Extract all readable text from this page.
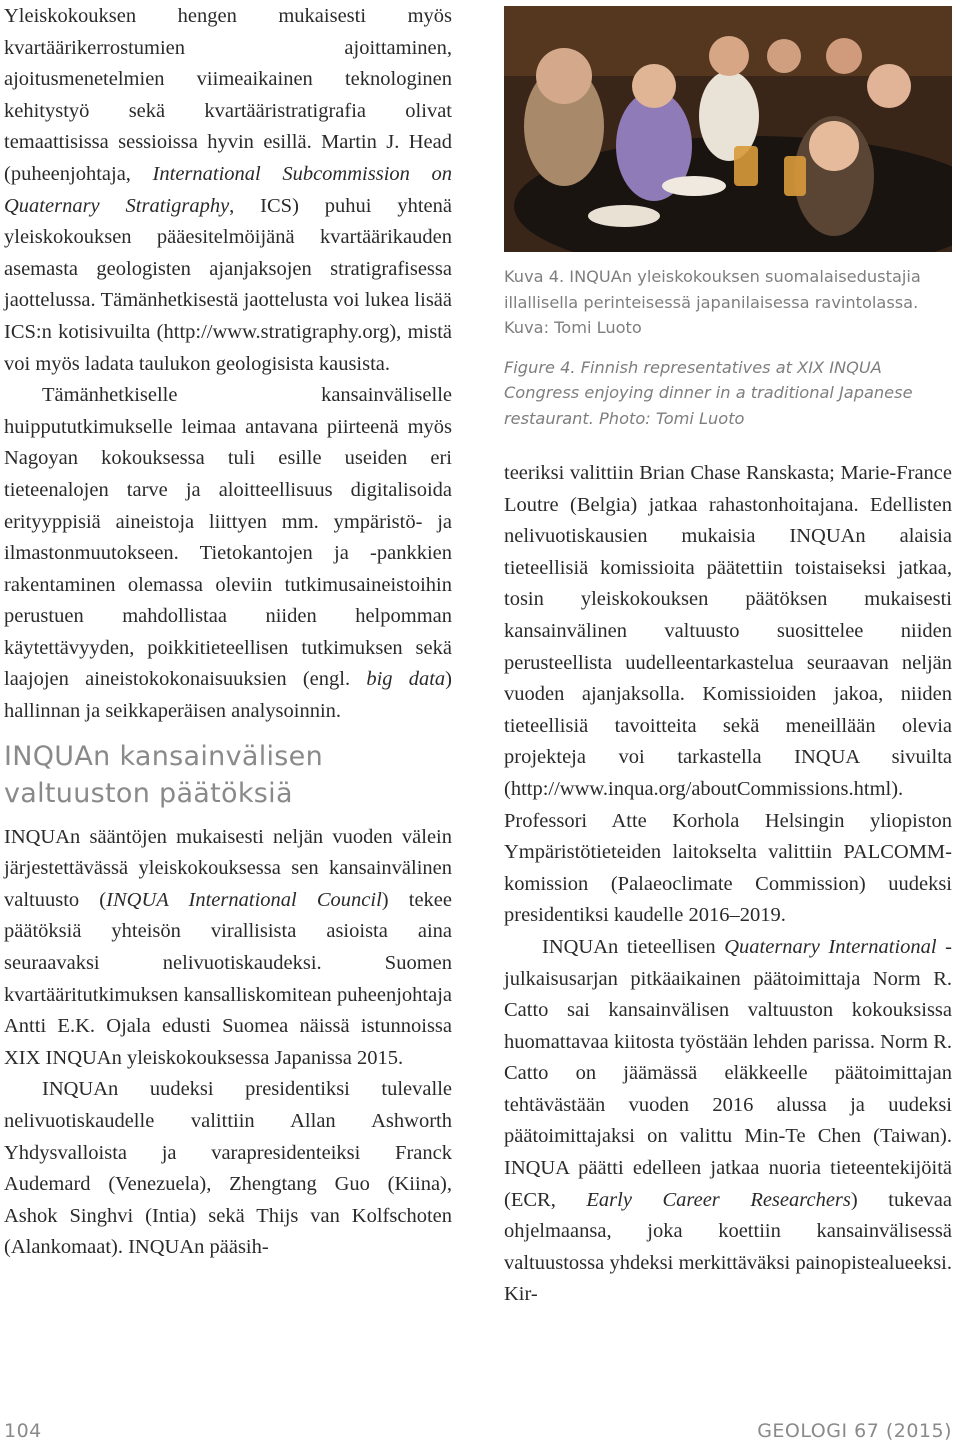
Yleiskokouksen hengen mukaisesti myös kvartäärikerrostumien ajoittaminen, ajoitusmenetelmien viimeaikainen teknologinen kehitystyö sekä kvartääristratigrafia olivat temaattisissa sessioissa hyvin esillä. Martin J. Head (puheenjohtaja, International Subcommission on Quaternary Stratigraphy, ICS) puhui yhtenä yleiskokouksen pääesitelmöijänä kvartäärikauden asemasta geologisten ajanjaksojen stratigrafisessa jaottelussa. Tämänhetkisestä jaottelusta voi lukea lisää ICS:n kotisivuilta (http://www.stratigraphy.org), mistä voi myös ladata taulukon geologisista kausista.

Tämänhetkiselle kansainväliselle huippututkimukselle leimaa antavana piirteenä myös Nagoyan kokouksessa tuli esille useiden eri tieteenalojen tarve ja aloitteellisuus digitalisoida erityyppisiä aineistoja liittyen mm. ympäristö- ja ilmastonmuutokseen. Tietokantojen ja -pankkien rakentaminen olemassa oleviin tutkimusaineistoihin perustuen mahdollistaa niiden helpomman käytettävyyden, poikkitieteellisen tutkimuksen sekä laajojen aineistokokonaisuuksien (engl. big data) hallinnan ja seikkaperäisen analysoinnin.

INQUAn kansainvälisen valtuuston päätöksiä

INQUAn sääntöjen mukaisesti neljän vuoden välein järjestettävässä yleiskokouksessa sen kansainvälinen valtuusto (INQUA International Council) tekee päätöksiä yhteisön virallisista asioista aina seuraavaksi nelivuotiskaudeksi. Suomen kvartääritutkimuksen kansalliskomitean puheenjohtaja Antti E.K. Ojala edusti Suomea näissä istunnoissa XIX INQUAn yleiskokouksessa Japanissa 2015.

INQUAn uudeksi presidentiksi tulevalle nelivuotiskaudelle valittiin Allan Ashworth Yhdysvalloista ja varapresidenteiksi Franck Audemard (Venezuela), Zhengtang Guo (Kiina), Ashok Singhvi (Intia) sekä Thijs van Kolfschoten (Alankomaat). INQUAn pääsih-

Kuva 4. INQUAn yleiskokouksen suomalaisedustajia illallisella perinteisessä japanilaisessa ravintolassa. Kuva: Tomi Luoto

Figure 4. Finnish representatives at XIX INQUA Congress enjoying dinner in a traditional Japanese restaurant. Photo: Tomi Luoto

teeriksi valittiin Brian Chase Ranskasta; Marie-France Loutre (Belgia) jatkaa rahastonhoitajana. Edellisten nelivuotiskausien mukaisia INQUAn alaisia tieteellisiä komissioita päätettiin toistaiseksi jatkaa, tosin yleiskokouksen päätöksen mukaisesti kansainvälinen valtuusto suosittelee niiden perusteellista uudelleentarkastelua seuraavan neljän vuoden ajanjaksolla. Komissioiden jakoa, niiden tieteellisiä tavoitteita sekä meneillään olevia projekteja voi tarkastella INQUA sivuilta (http://www.inqua.org/aboutCommissions.html). Professori Atte Korhola Helsingin yliopiston Ympäristötieteiden laitokselta valittiin PALCOMM-komission (Palaeoclimate Commission) uudeksi presidentiksi kaudelle 2016–2019.

INQUAn tieteellisen Quaternary International -julkaisusarjan pitkäaikainen päätoimittaja Norm R. Catto sai kansainvälisen valtuuston kokouksissa huomattavaa kiitosta työstään lehden parissa. Norm R. Catto on jäämässä eläkkeelle päätoimittajan tehtävästään vuoden 2016 alussa ja uudeksi päätoimittajaksi on valittu Min-Te Chen (Taiwan). INQUA päätti edelleen jatkaa nuoria tieteentekijöitä (ECR, Early Career Researchers) tukevaa ohjelmaansa, joka koettiin kansainvälisessä valtuustossa yhdeksi merkittäväksi painopistealueeksi. Kir-

104	GEOLOGI 67 (2015)
